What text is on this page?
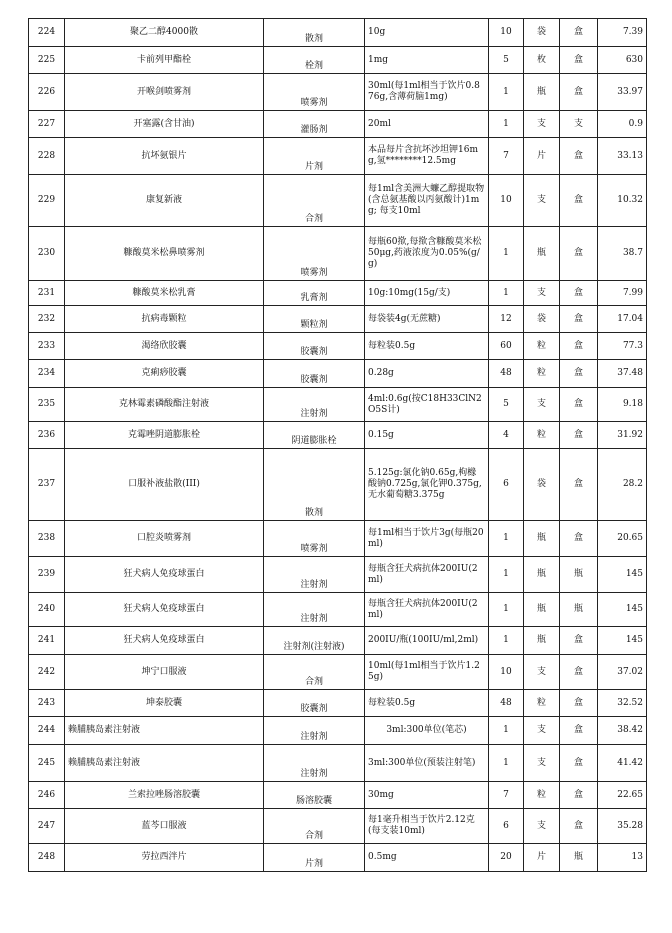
224	聚乙二醇4000散	散剂	10g	10	袋	盒	7.39
225	卡前列甲酯栓	栓剂	1mg	5	枚	盒	630
226	开喉剑喷雾剂	喷雾剂	30ml(每1ml相当于饮片0.876g,含薄荷脑1mg)	1	瓶	盒	33.97
227	开塞露(含甘油)	灌肠剂	20ml	1	支	支	0.9
228	抗坏氨银片	片剂	本品每片含抗坏沙坦钾16mg,氢********12.5mg	7	片	盒	33.13
229	康复新液	合剂	每1ml含美洲大蠊乙醇提取物(含总氨基酸以丙氨酸计)1mg; 每支10ml	10	支	盒	10.32
230	糠酸莫米松鼻喷雾剂	喷雾剂	每瓶60揿,每揿含糠酸莫米松50μg,药液浓度为0.05%(g/g)	1	瓶	盒	38.7
231	糠酸莫米松乳膏	乳膏剂	10g:10mg(15g/支)	1	支	盒	7.99
232	抗病毒颗粒	颗粒剂	每袋装4g(无蔗糖)	12	袋	盒	17.04
233	渴络欣胶囊	胶囊剂	每粒装0.5g	60	粒	盒	77.3
234	克痢痧胶囊	胶囊剂	0.28g	48	粒	盒	37.48
235	克林霉素磷酸酯注射液	注射剂	4ml:0.6g(按C18H33ClN2O5S计)	5	支	盒	9.18
236	克霉唑阴道膨胀栓	阴道膨胀栓	0.15g	4	粒	盒	31.92
237	口服补液盐散(III)	散剂	5.125g:氯化钠0.65g,枸橼酸钠0.725g,氯化钾0.375g,无水葡萄糖3.375g	6	袋	盒	28.2
238	口腔炎喷雾剂	喷雾剂	每1ml相当于饮片3g(每瓶20ml)	1	瓶	盒	20.65
239	狂犬病人免疫球蛋白	注射剂	每瓶含狂犬病抗体200IU(2ml)	1	瓶	瓶	145
240	狂犬病人免疫球蛋白	注射剂	每瓶含狂犬病抗体200IU(2ml)	1	瓶	瓶	145
241	狂犬病人免疫球蛋白	注射剂(注射液)	200IU/瓶(100IU/ml,2ml)	1	瓶	盒	145
242	坤宁口服液	合剂	10ml(每1ml相当于饮片1.25g)	10	支	盒	37.02
243	坤泰胶囊	胶囊剂	每粒装0.5g	48	粒	盒	32.52
244	赖脯胰岛素注射液	注射剂	3ml:300单位(笔芯)	1	支	盒	38.42
245	赖脯胰岛素注射液	注射剂	3ml:300单位(预装注射笔)	1	支	盒	41.42
246	兰索拉唑肠溶胶囊	肠溶胶囊	30mg	7	粒	盒	22.65
247	蓝芩口服液	合剂	每1毫升相当于饮片2.12克(每支装10ml)	6	支	盒	35.28
248	劳拉西泮片	片剂	0.5mg	20	片	瓶	13
